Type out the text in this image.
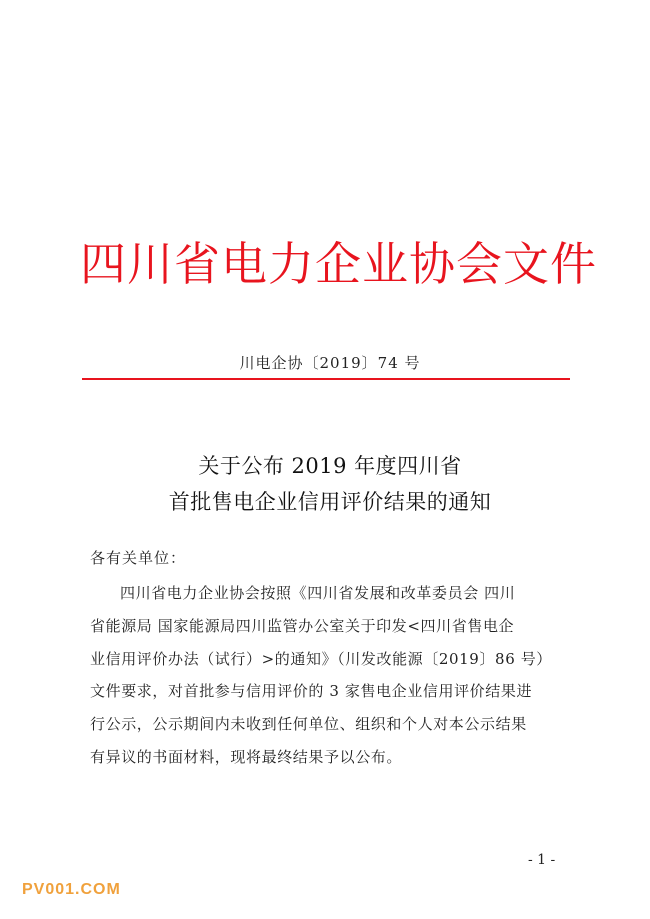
四川省电力企业协会文件
川电企协〔2019〕74 号
关于公布 2019 年度四川省
首批售电企业信用评价结果的通知
各有关单位：
四川省电力企业协会按照《四川省发展和改革委员会 四川
省能源局 国家能源局四川监管办公室关于印发<四川省售电企
业信用评价办法（试行）>的通知》（川发改能源〔2019〕86 号）
文件要求，对首批参与信用评价的 3 家售电企业信用评价结果进
行公示，公示期间内未收到任何单位、组织和个人对本公示结果
有异议的书面材料，现将最终结果予以公布。
- 1 -
PV001.COM
